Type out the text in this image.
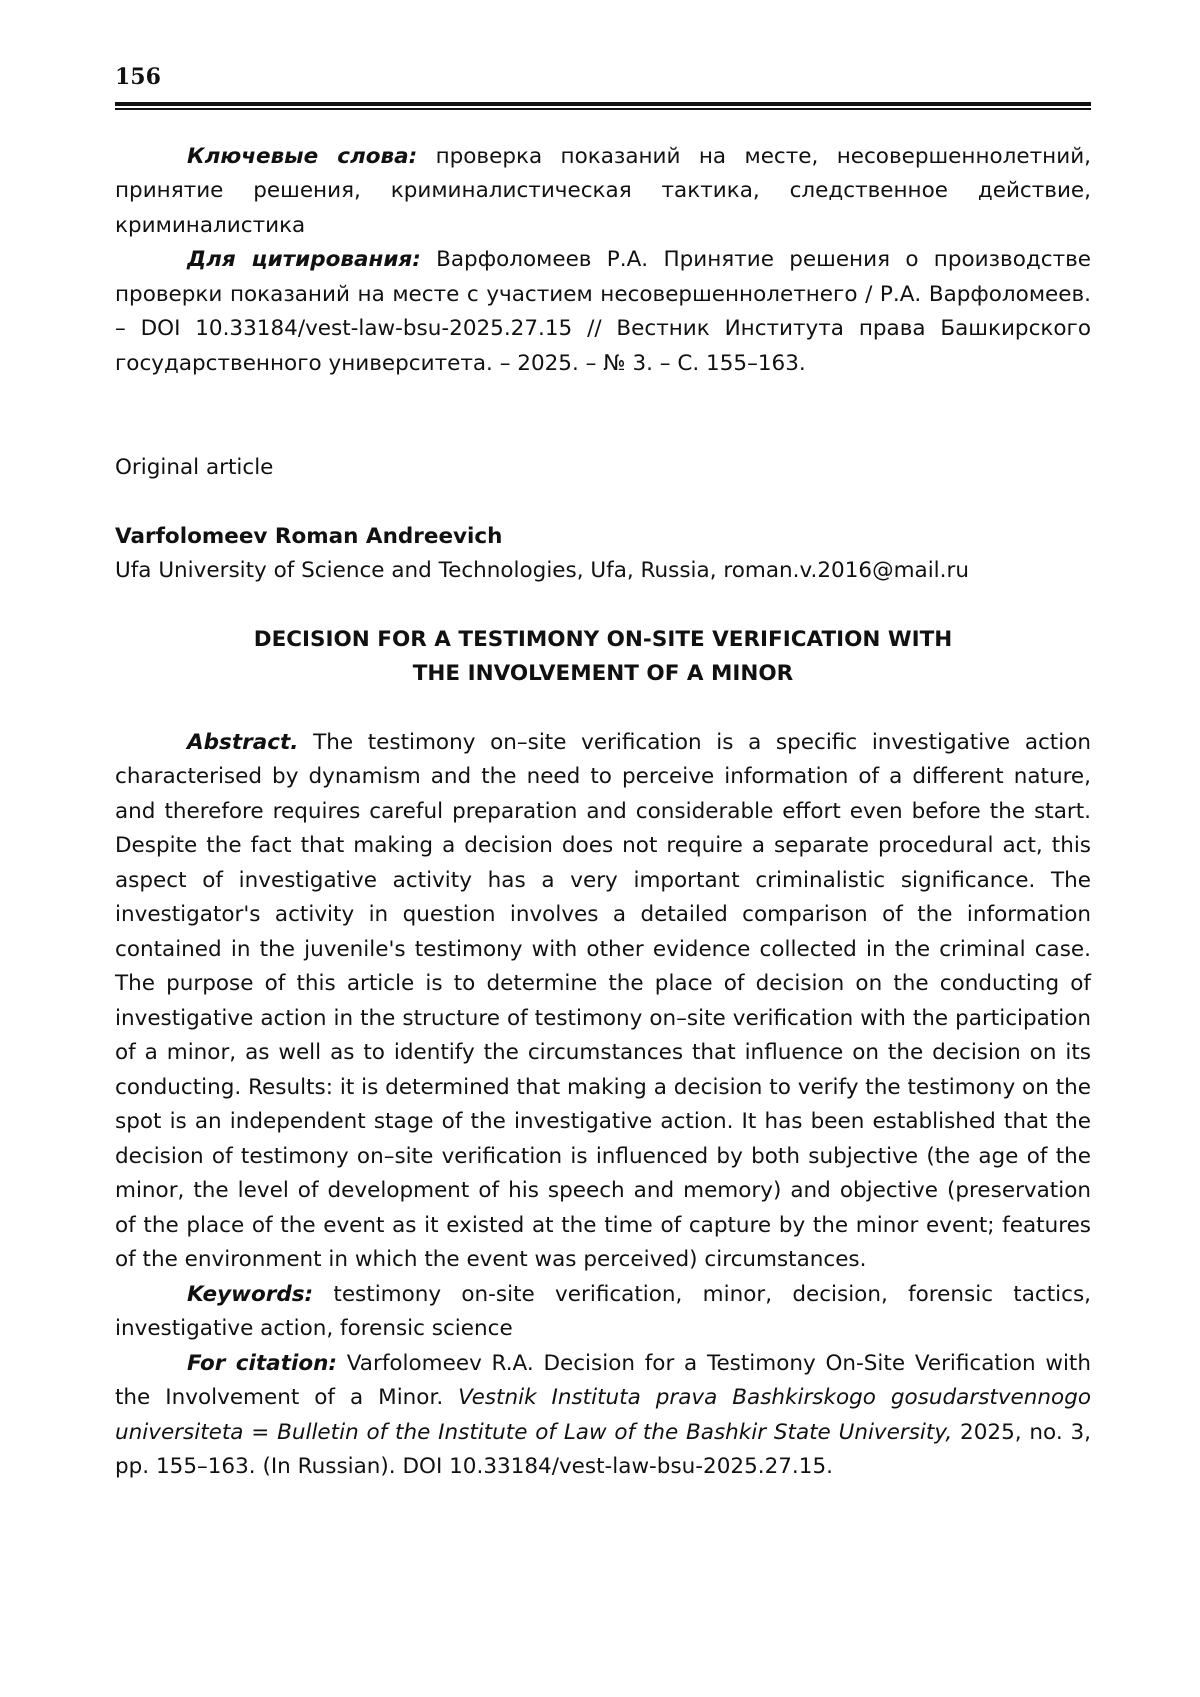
156

Ключевые слова: проверка показаний на месте, несовершеннолетний, принятие решения, криминалистическая тактика, следственное действие, криминалистика

Для цитирования: Варфоломеев Р.А. Принятие решения о производстве проверки показаний на месте с участием несовершеннолетнего / Р.А. Варфоломеев. – DOI 10.33184/vest-law-bsu-2025.27.15 // Вестник Института права Башкирского государственного университета. – 2025. – № 3. – С. 155–163.

Original article
Varfolomeev Roman Andreevich
Ufa University of Science and Technologies, Ufa, Russia, roman.v.2016@mail.ru
DECISION FOR A TESTIMONY ON-SITE VERIFICATION WITH
THE INVOLVEMENT OF A MINOR

Abstract. The testimony on–site verification is a specific investigative action characterised by dynamism and the need to perceive information of a different nature, and therefore requires careful preparation and considerable effort even before the start. Despite the fact that making a decision does not require a separate procedural act, this aspect of investigative activity has a very important criminalistic significance. The investigator's activity in question involves a detailed comparison of the information contained in the juvenile's testimony with other evidence collected in the criminal case. The purpose of this article is to determine the place of decision on the conducting of investigative action in the structure of testimony on–site verification with the participation of a minor, as well as to identify the circumstances that influence on the decision on its conducting. Results: it is determined that making a decision to verify the testimony on the spot is an independent stage of the investigative action. It has been established that the decision of testimony on–site verification is influenced by both subjective (the age of the minor, the level of development of his speech and memory) and objective (preservation of the place of the event as it existed at the time of capture by the minor event; features of the environment in which the event was perceived) circumstances.

Keywords: testimony on-site verification, minor, decision, forensic tactics, investigative action, forensic science

For citation: Varfolomeev R.A. Decision for a Testimony On-Site Verification with the Involvement of a Minor. Vestnik Instituta prava Bashkirskogo gosudarstvennogo universiteta = Bulletin of the Institute of Law of the Bashkir State University, 2025, no. 3, pp. 155–163. (In Russian). DOI 10.33184/vest-law-bsu-2025.27.15.
